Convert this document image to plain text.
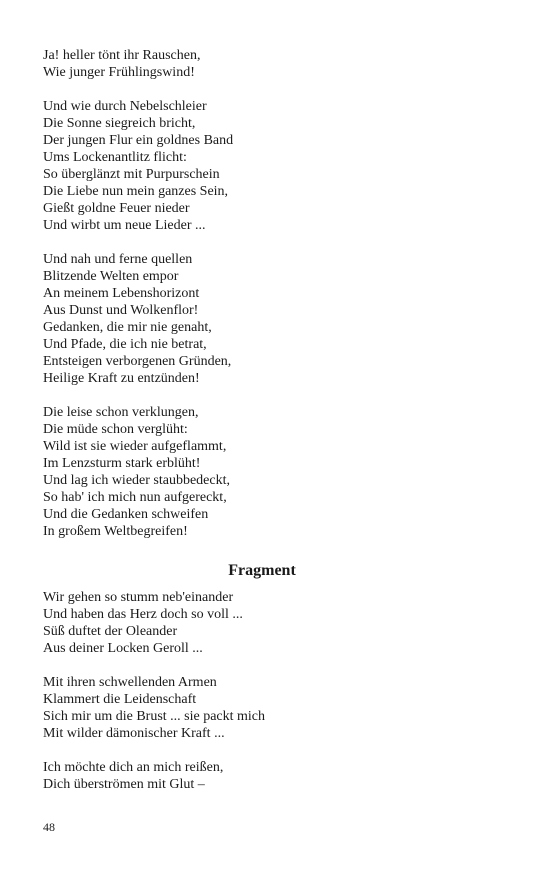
Ja! heller tönt ihr Rauschen,
Wie junger Frühlingswind!
Und wie durch Nebelschleier
Die Sonne siegreich bricht,
Der jungen Flur ein goldnes Band
Ums Lockenantlitz flicht:
So überglänzt mit Purpurschein
Die Liebe nun mein ganzes Sein,
Gießt goldne Feuer nieder
Und wirbt um neue Lieder ...
Und nah und ferne quellen
Blitzende Welten empor
An meinem Lebenshorizont
Aus Dunst und Wolkenflor!
Gedanken, die mir nie genaht,
Und Pfade, die ich nie betrat,
Entsteigen verborgenen Gründen,
Heilige Kraft zu entzünden!
Die leise schon verklungen,
Die müde schon verglüht:
Wild ist sie wieder aufgeflammt,
Im Lenzsturm stark erblüht!
Und lag ich wieder staubbedeckt,
So hab' ich mich nun aufgereckt,
Und die Gedanken schweifen
In großem Weltbegreifen!
Fragment
Wir gehen so stumm neb'einander
Und haben das Herz doch so voll ...
Süß duftet der Oleander
Aus deiner Locken Geroll ...
Mit ihren schwellenden Armen
Klammert die Leidenschaft
Sich mir um die Brust ... sie packt mich
Mit wilder dämonischer Kraft ...
Ich möchte dich an mich reißen,
Dich überströmen mit Glut –
48
